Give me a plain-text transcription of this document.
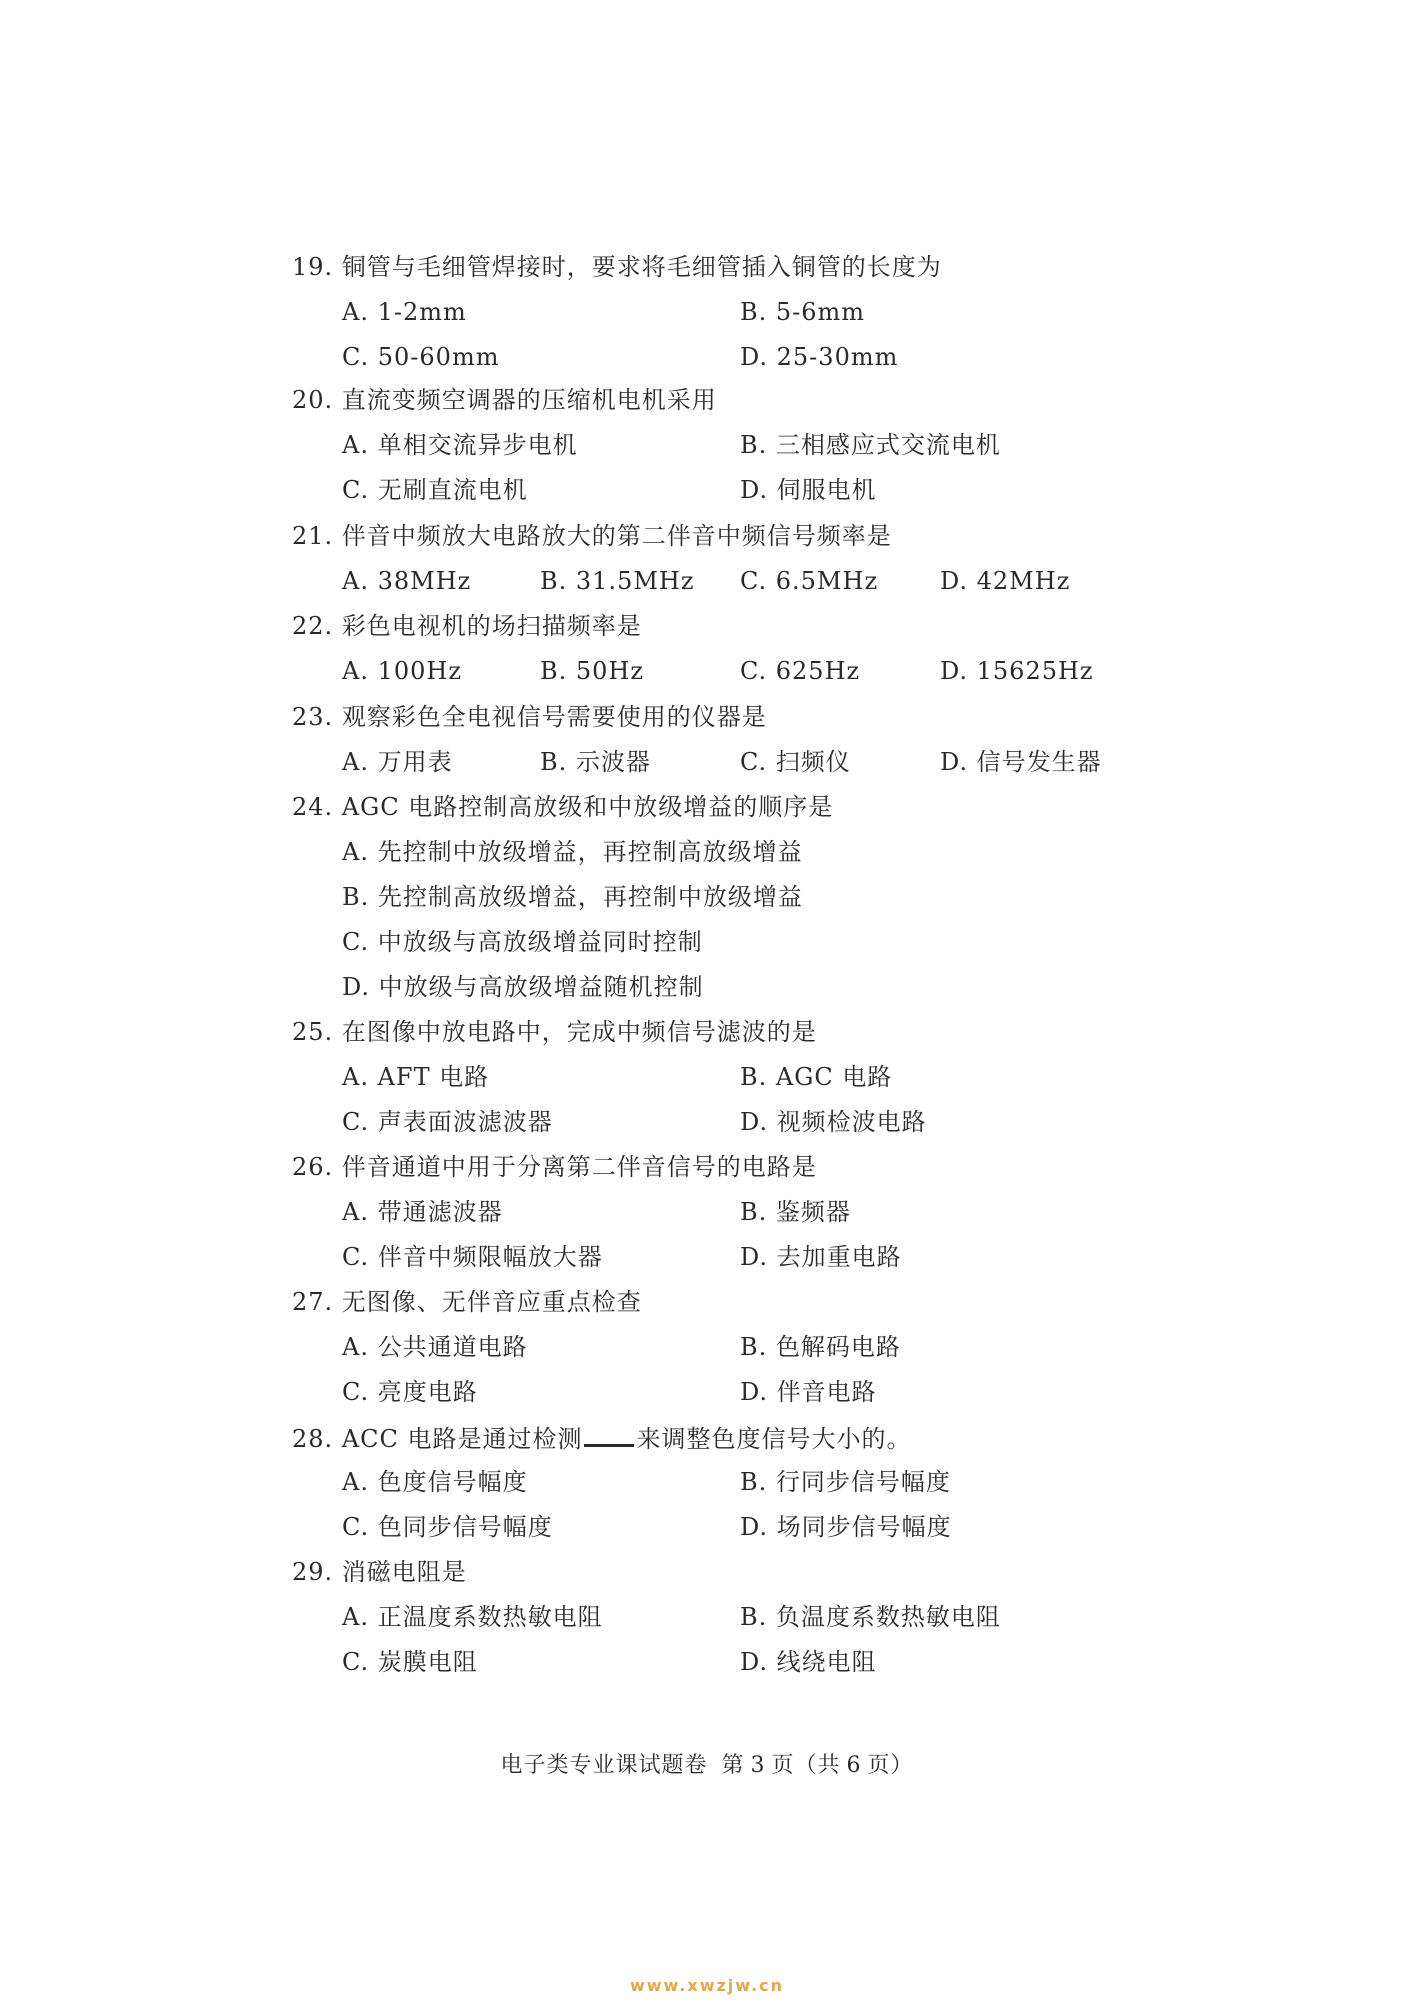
19. 铜管与毛细管焊接时，要求将毛细管插入铜管的长度为
A. 1-2mm	B. 5-6mm
C. 50-60mm	D. 25-30mm
20. 直流变频空调器的压缩机电机采用
A. 单相交流异步电机	B. 三相感应式交流电机
C. 无刷直流电机	D. 伺服电机
21. 伴音中频放大电路放大的第二伴音中频信号频率是
A. 38MHz	B. 31.5MHz C. 6.5MHz	D. 42MHz
22. 彩色电视机的场扫描频率是
A. 100Hz	B. 50Hz	C. 625Hz	D. 15625Hz
23. 观察彩色全电视信号需要使用的仪器是
A. 万用表	B. 示波器	C. 扫频仪	D. 信号发生器
24. AGC 电路控制高放级和中放级增益的顺序是
A. 先控制中放级增益，再控制高放级增益
B. 先控制高放级增益，再控制中放级增益
C. 中放级与高放级增益同时控制
D. 中放级与高放级增益随机控制
25. 在图像中放电路中，完成中频信号滤波的是
A. AFT 电路	B. AGC 电路
C. 声表面波滤波器	D. 视频检波电路
26. 伴音通道中用于分离第二伴音信号的电路是
A. 带通滤波器	B. 鉴频器
C. 伴音中频限幅放大器	D. 去加重电路
27. 无图像、无伴音应重点检查
A. 公共通道电路	B. 色解码电路
C. 亮度电路	D. 伴音电路
28. ACC 电路是通过检测 来调整色度信号大小的。
A. 色度信号幅度	B. 行同步信号幅度
C. 色同步信号幅度	D. 场同步信号幅度
29. 消磁电阻是
A. 正温度系数热敏电阻	B. 负温度系数热敏电阻
C. 炭膜电阻	D. 线绕电阻
电子类专业课试题卷 第 3 页（共 6 页）
www.xwzjw.cn
